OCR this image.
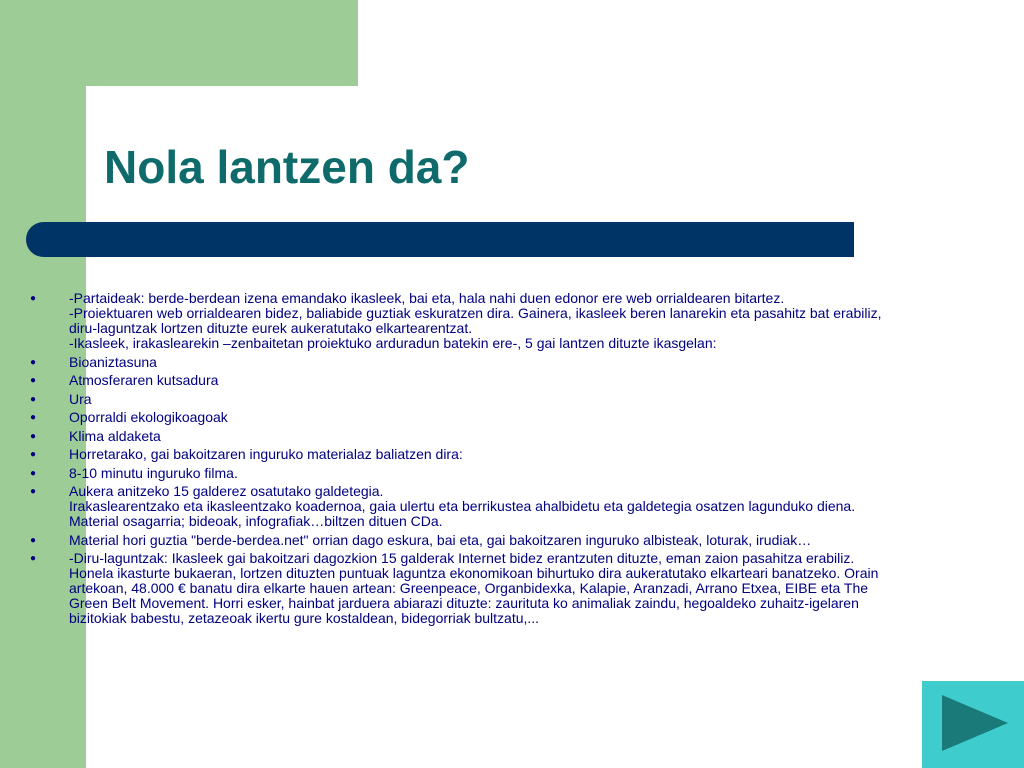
Nola lantzen da?
● -Partaideak: berde-berdean izena emandako ikasleek, bai eta, hala nahi duen edonor ere web orrialdearen bitartez.
-Proiektuaren web orrialdearen bidez, baliabide guztiak eskuratzen dira. Gainera, ikasleek beren lanarekin eta pasahitz bat erabiliz,
diru-laguntzak lortzen dituzte eurek aukeratutako elkartearentzat.
-Ikasleek, irakaslearekin –zenbaitetan proiektuko arduradun batekin ere-, 5 gai lantzen dituzte ikasgelan:
● Bioaniztasuna
● Atmosferaren kutsadura
● Ura
● Oporraldi ekologikoagoak
● Klima aldaketa
● Horretarako, gai bakoitzaren inguruko materialaz baliatzen dira:
● 8-10 minutu inguruko filma.
● Aukera anitzeko 15 galderez osatutako galdetegia.
Irakaslearentzako eta ikasleentzako koadernoa, gaia ulertu eta berrikustea ahalbidetu eta galdetegia osatzen lagunduko diena.
Material osagarria; bideoak, infografiak…biltzen dituen CDa.
● Material hori guztia "berde-berdea.net" orrian dago eskura, bai eta, gai bakoitzaren inguruko albisteak, loturak, irudiak…
● -Diru-laguntzak: Ikasleek gai bakoitzari dagozkion 15 galderak Internet bidez erantzuten dituzte, eman zaion pasahitza erabiliz.
Honela ikasturte bukaeran, lortzen dituzten puntuak laguntza ekonomikoan bihurtuko dira aukeratutako elkarteari banatzeko. Orain
artekoan, 48.000 € banatu dira elkarte hauen artean: Greenpeace, Organbidexka, Kalapie, Aranzadi, Arrano Etxea, EIBE eta The
Green Belt Movement. Horri esker, hainbat jarduera abiarazi dituzte: zaurituta ko animaliak zaindu, hegoaldeko zuhaitz-igelaren
bizitokiak babestu, zetazeoak ikertu gure kostaldean, bidegorriak bultzatu,...
